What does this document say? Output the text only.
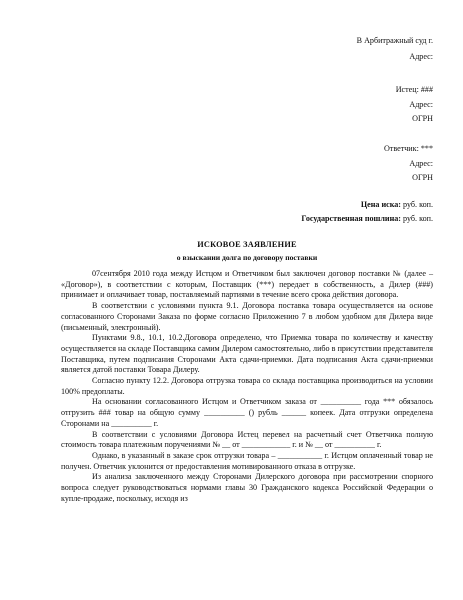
В Арбитражный суд г.
Адрес:
Истец: ###
Адрес:
ОГРН
Ответчик: ***
Адрес:
ОГРН
Цена иска: руб. коп.
Государственная пошлина: руб. коп.
ИСКОВОЕ ЗАЯВЛЕНИЕ
о взыскании долга по договору поставки

07сентября 2010 года между Истцом и Ответчиком был заключен договор поставки № (далее – «Договор»), в соответствии с которым, Поставщик (***) передает в собственность, а Дилер (###) принимает и оплачивает товар, поставляемый партиями в течение всего срока действия договора.

В соответствии с условиями пункта 9.1. Договора поставка товара осуществляется на основе согласованного Сторонами Заказа по форме согласно Приложению 7 в любом удобном для Дилера виде (письменный, электронный).

Пунктами 9.8., 10.1, 10.2.Договора определено, что Приемка товара по количеству и качеству осуществляется на складе Поставщика самим Дилером самостоятельно, либо в присутствии представителя Поставщика, путем подписания Сторонами Акта сдачи-приемки. Дата подписания Акта сдачи-приемки является датой поставки Товара Дилеру.

Согласно пункту 12.2. Договора отгрузка товара со склада поставщика производиться на условии 100% предоплаты.

На основании согласованного Истцом и Ответчиком заказа от __________ года *** обязалось отгрузить ### товар на общую сумму __________ () рубль ______ копеек. Дата отгрузки определена Сторонами на __________ г.

В соответствии с условиями Договора Истец перевел на расчетный счет Ответчика полную стоимость товара платежным поручениями № __ от ____________ г. и № __ от __________ г.

Однако, в указанный в заказе срок отгрузки товара – ___________ г. Истцом оплаченный товар не получен. Ответчик уклонится от предоставления мотивированного отказа в отгрузке.

Из анализа заключенного между Сторонами Дилерского договора при рассмотрении спорного вопроса следует руководствоваться нормами главы 30 Гражданского кодекса Российской Федерации о купле-продаже, поскольку, исходя из
